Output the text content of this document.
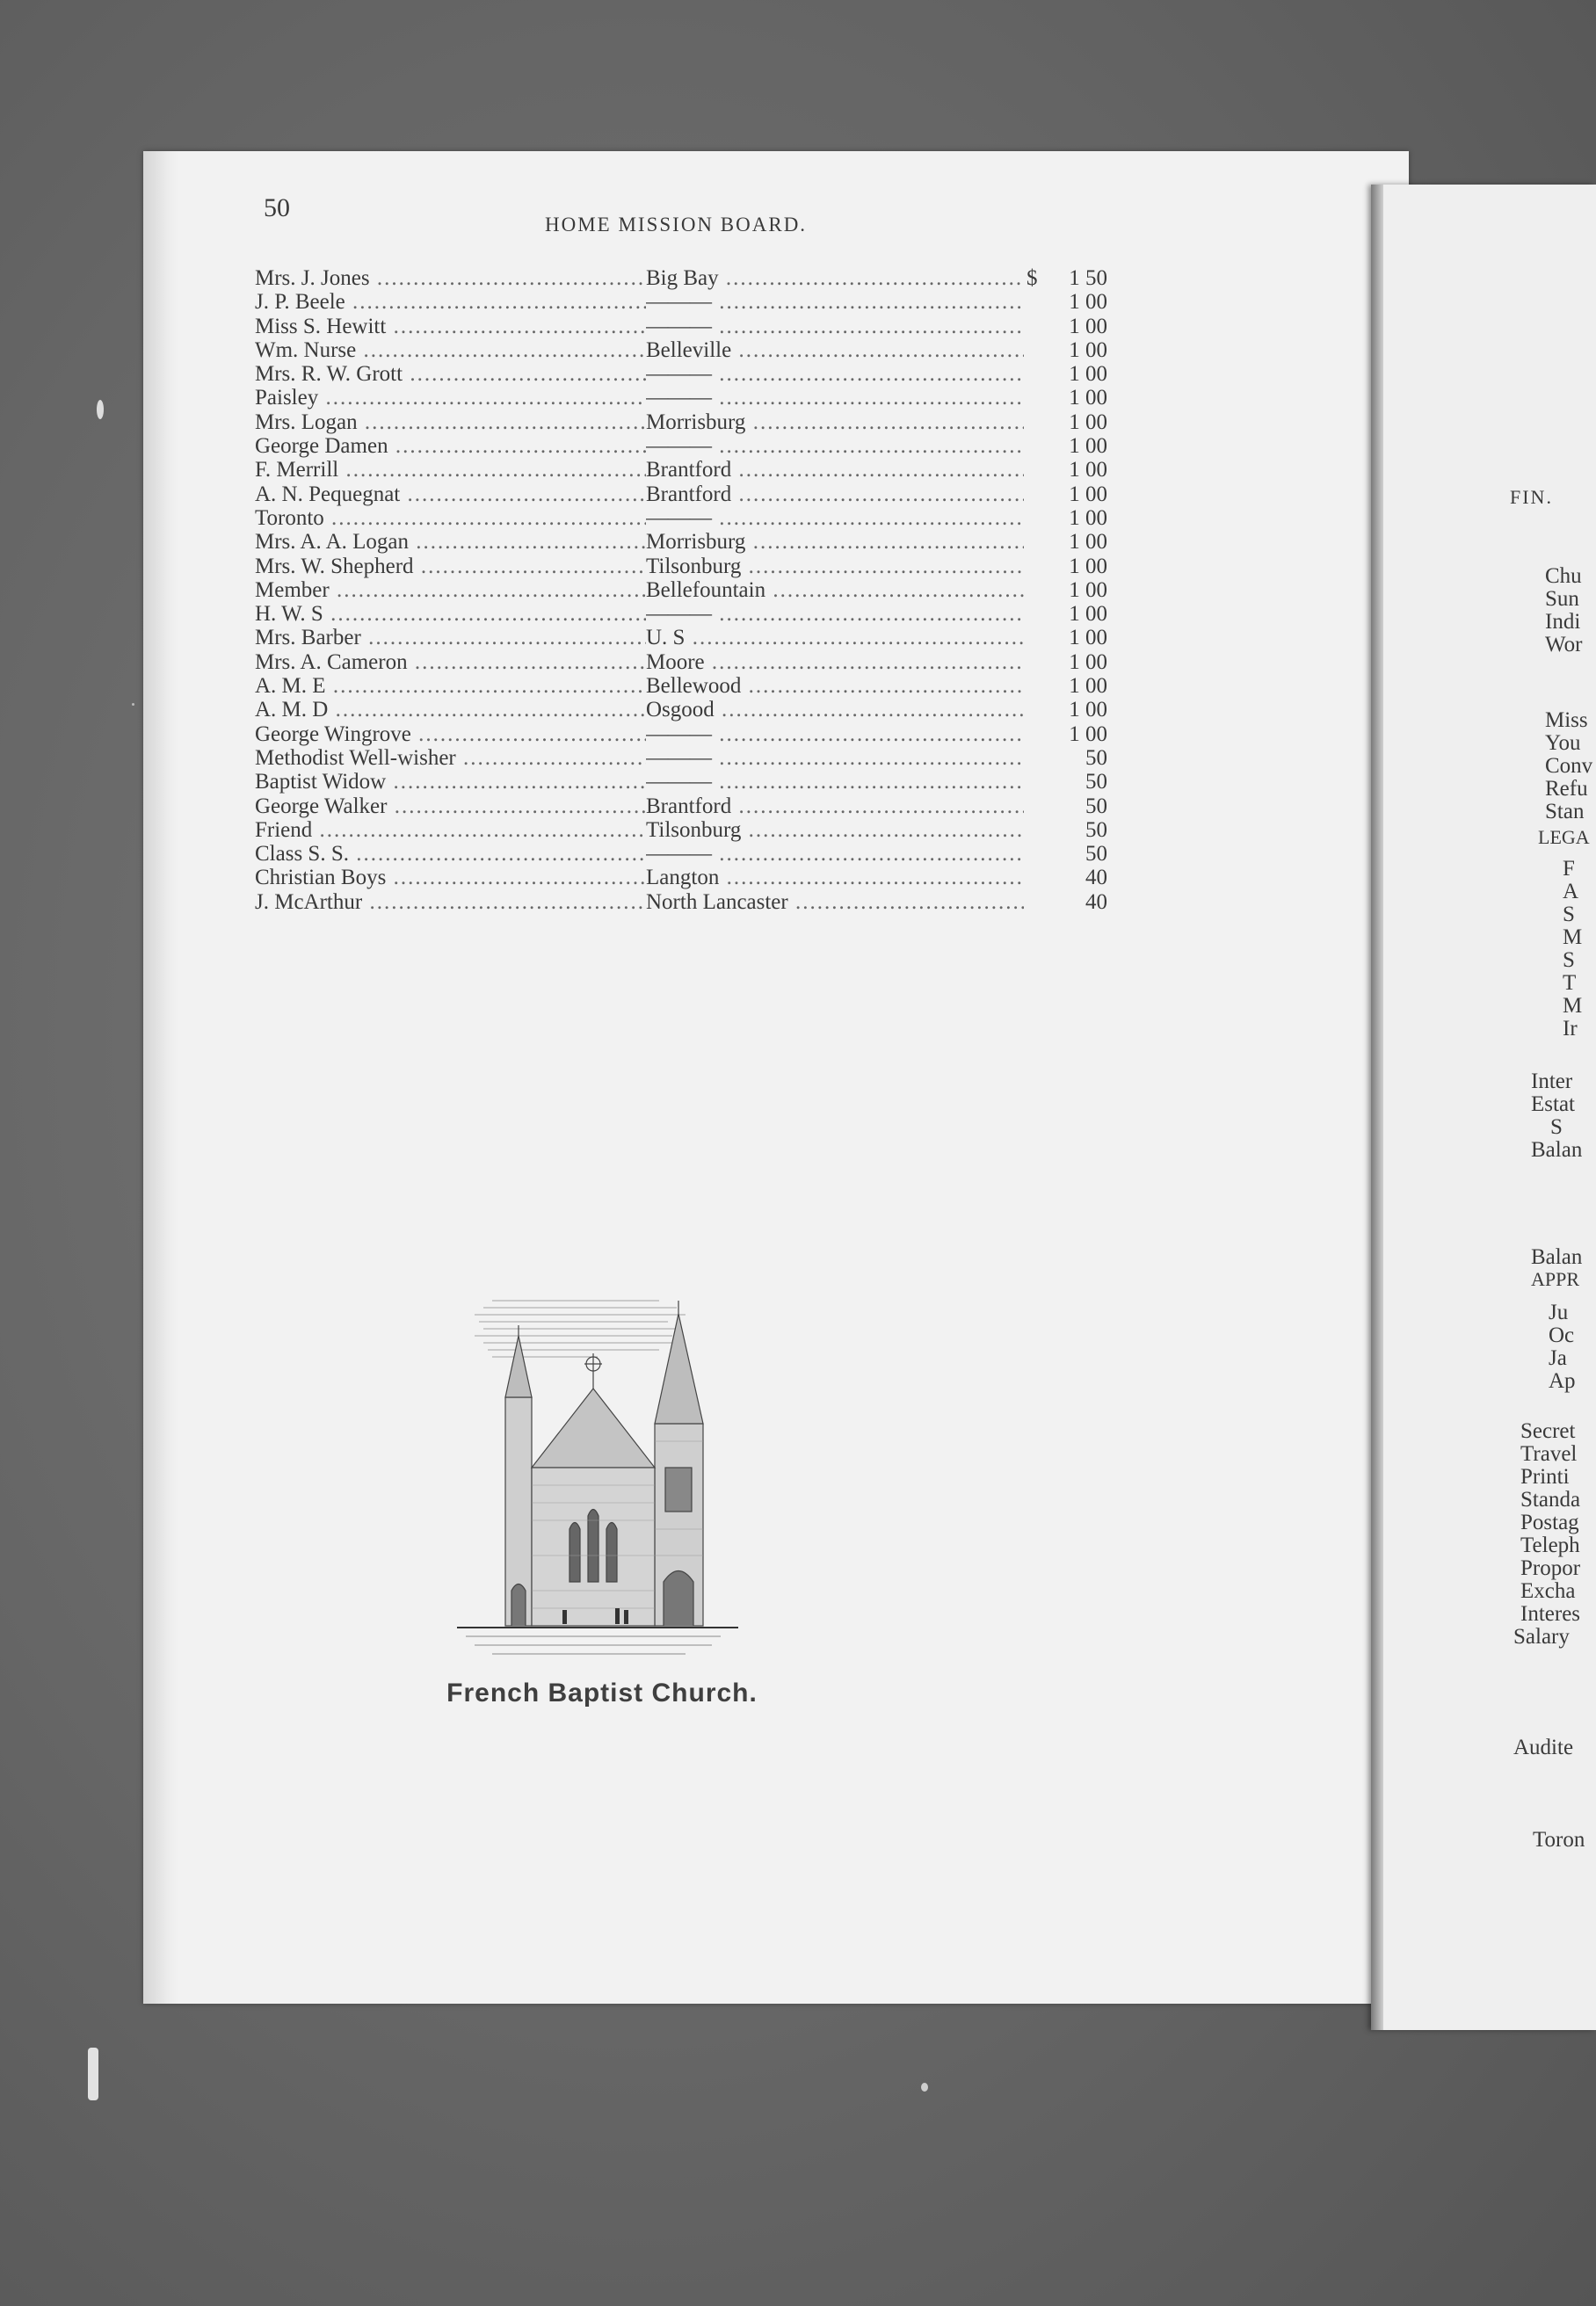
50
HOME MISSION BOARD.
Mrs. J. Jones .....	Big Bay .....	$	1 50
J. P. Beele .....	——— .....	1 00
Miss S. Hewitt .....	——— .....	1 00
Wm. Nurse .....	Belleville .....	1 00
Mrs. R. W. Grott .....	——— .....	1 00
Paisley .....	——— .....	1 00
Mrs. Logan .....	Morrisburg .....	1 00
George Damen .....	——— .....	1 00
F. Merrill .....	Brantford .....	1 00
A. N. Pequegnat .....	Brantford .....	1 00
Toronto .....	——— .....	1 00
Mrs. A. A. Logan .....	Morrisburg .....	1 00
Mrs. W. Shepherd .....	Tilsonburg .....	1 00
Member .....	Bellefountain .....	1 00
H. W. S .....	——— .....	1 00
Mrs. Barber .....	U. S .....	1 00
Mrs. A. Cameron .....	Moore .....	1 00
A. M. E .....	Bellewood .....	1 00
A. M. D .....	Osgood .....	1 00
George Wingrove .....	——— .....	1 00
Methodist Well-wisher .....	——— .....	50
Baptist Widow .....	——— .....	50
George Walker .....	Brantford .....	50
Friend .....	Tilsonburg .....	50
Class S. S. .....	——— .....	50
Christian Boys .....	Langton .....	40
J. McArthur .....	North Lancaster .....	40
French Baptist Church.
FIN.
Chu
Sun
Indi
Wor
Miss
You
Conv
Refu
Stan
LEGA
F
A
S
M
S
T
M
Ir
Inter
Estat
S
Balan
Balan
APPR
Ju
Oc
Ja
Ap
Secret
Travel
Printi
Standa
Postag
Teleph
Propor
Excha
Interes
Salary
Audite
Toron
